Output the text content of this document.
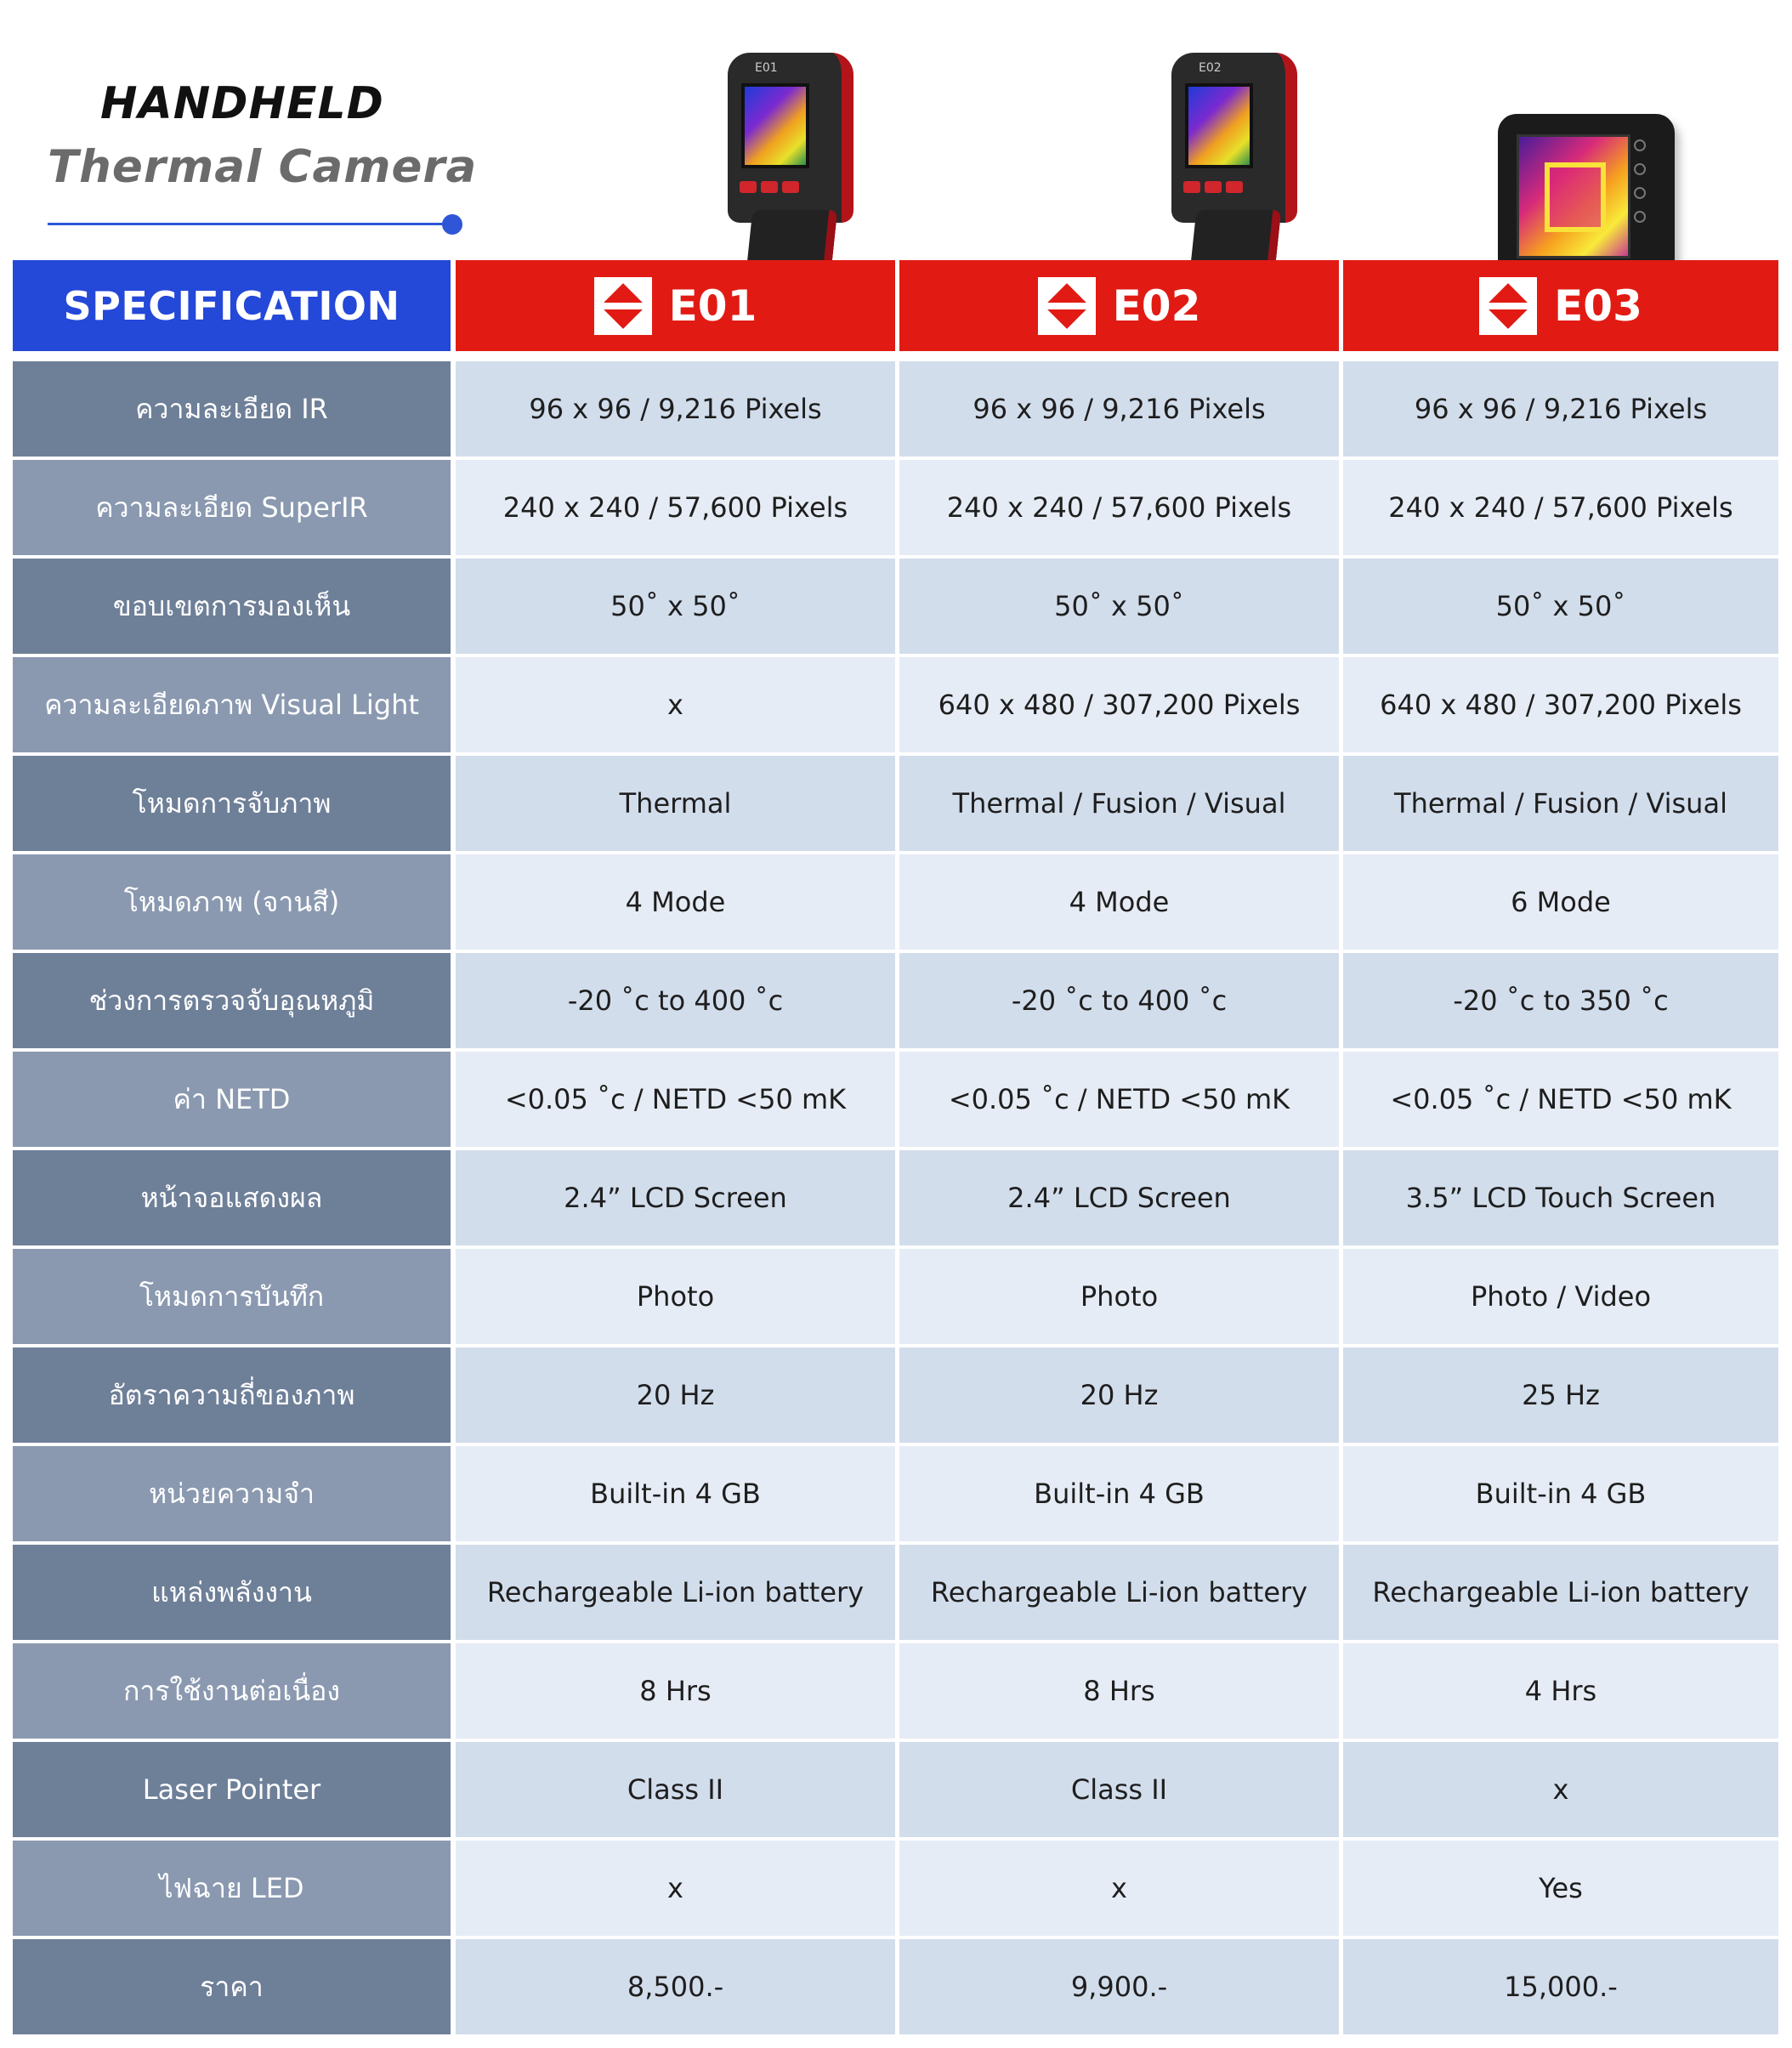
HANDHELD
Thermal Camera
E01	E02
SPECIFICATION	E01	E02	E03
ความละเอียด IR	96 x 96 / 9,216 Pixels	96 x 96 / 9,216 Pixels	96 x 96 / 9,216 Pixels
ความละเอียด SuperIR	240 x 240 / 57,600 Pixels	240 x 240 / 57,600 Pixels	240 x 240 / 57,600 Pixels
ขอบเขตการมองเห็น	50˚ x 50˚	50˚ x 50˚	50˚ x 50˚
ความละเอียดภาพ Visual Light	x	640 x 480 / 307,200 Pixels	640 x 480 / 307,200 Pixels
โหมดการจับภาพ	Thermal	Thermal / Fusion / Visual	Thermal / Fusion / Visual
โหมดภาพ (จานสี)	4 Mode	4 Mode	6 Mode
ช่วงการตรวจจับอุณหภูมิ	-20 ˚c to 400 ˚c	-20 ˚c to 400 ˚c	-20 ˚c to 350 ˚c
ค่า NETD	<0.05 ˚c / NETD <50 mK	<0.05 ˚c / NETD <50 mK	<0.05 ˚c / NETD <50 mK
หน้าจอแสดงผล	2.4” LCD Screen	2.4” LCD Screen	3.5” LCD Touch Screen
โหมดการบันทึก	Photo	Photo	Photo / Video
อัตราความถี่ของภาพ	20 Hz	20 Hz	25 Hz
หน่วยความจำ	Built-in 4 GB	Built-in 4 GB	Built-in 4 GB
แหล่งพลังงาน	Rechargeable Li-ion battery	Rechargeable Li-ion battery	Rechargeable Li-ion battery
การใช้งานต่อเนื่อง	8 Hrs	8 Hrs	4 Hrs
Laser Pointer	Class II	Class II	x
ไฟฉาย LED	x	x	Yes
ราคา	8,500.-	9,900.-	15,000.-
